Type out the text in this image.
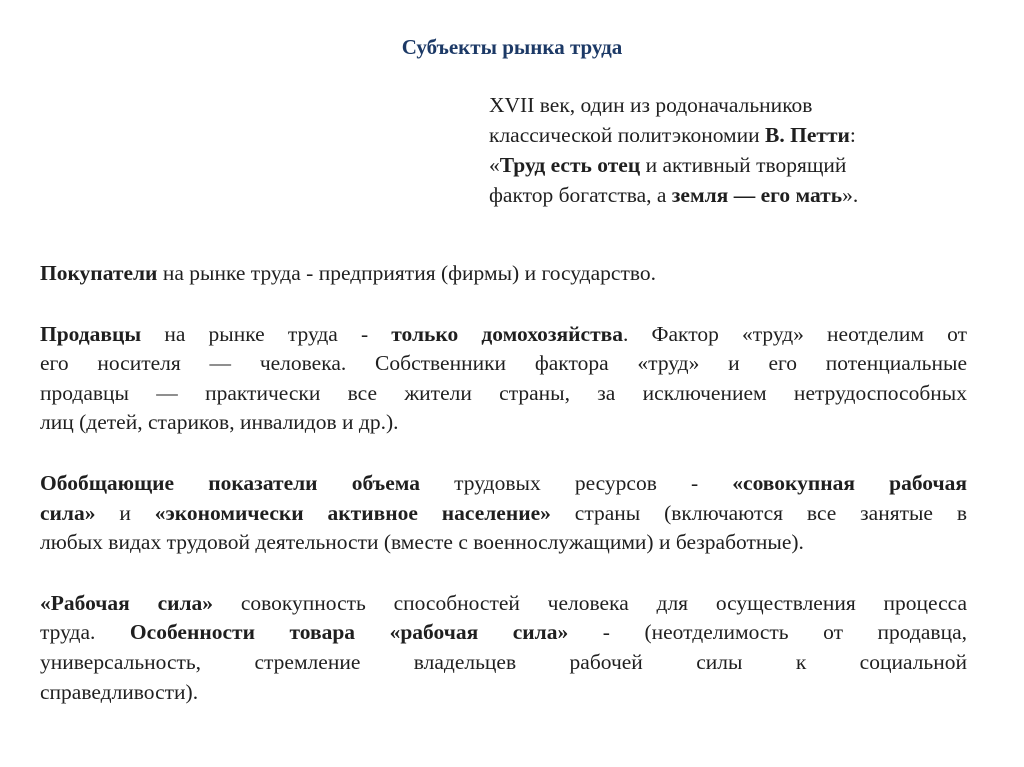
Субъекты рынка труда
XVII век, один из родоначальников
классической политэкономии В. Петти:
«Труд есть отец и активный творящий
фактор богатства, а земля — его мать».
Покупатели на рынке труда - предприятия (фирмы) и государство.
Продавцы на рынке труда - только домохозяйства. Фактор «труд» неотделим от
его носителя — человека. Собственники фактора «труд» и его потенциальные
продавцы — практически все жители страны, за исключением нетрудоспособных
лиц (детей, стариков, инвалидов и др.).
Обобщающие показатели объема трудовых ресурсов - «совокупная рабочая
сила» и «экономически активное население» страны (включаются все занятые в
любых видах трудовой деятельности (вместе с военнослужащими) и безработные).
«Рабочая сила» совокупность способностей человека для осуществления процесса
труда. Особенности товара «рабочая сила» - (неотделимость от продавца,
универсальность, стремление владельцев рабочей силы к социальной
справедливости).
